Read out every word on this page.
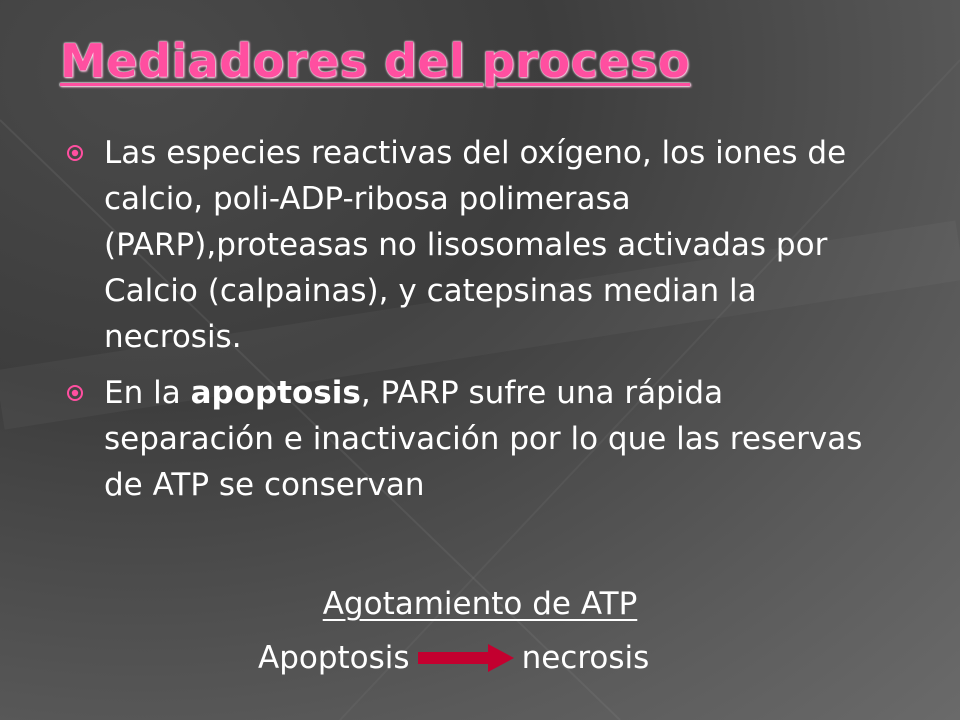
Mediadores del proceso
Las especies reactivas del oxígeno, los iones de calcio, poli-ADP-ribosa polimerasa (PARP),proteasas no lisosomales activadas por Calcio (calpainas), y catepsinas median la necrosis.
En la apoptosis, PARP sufre una rápida separación e inactivación por lo que las reservas de ATP se conservan
Agotamiento de ATP
Apoptosis	necrosis
